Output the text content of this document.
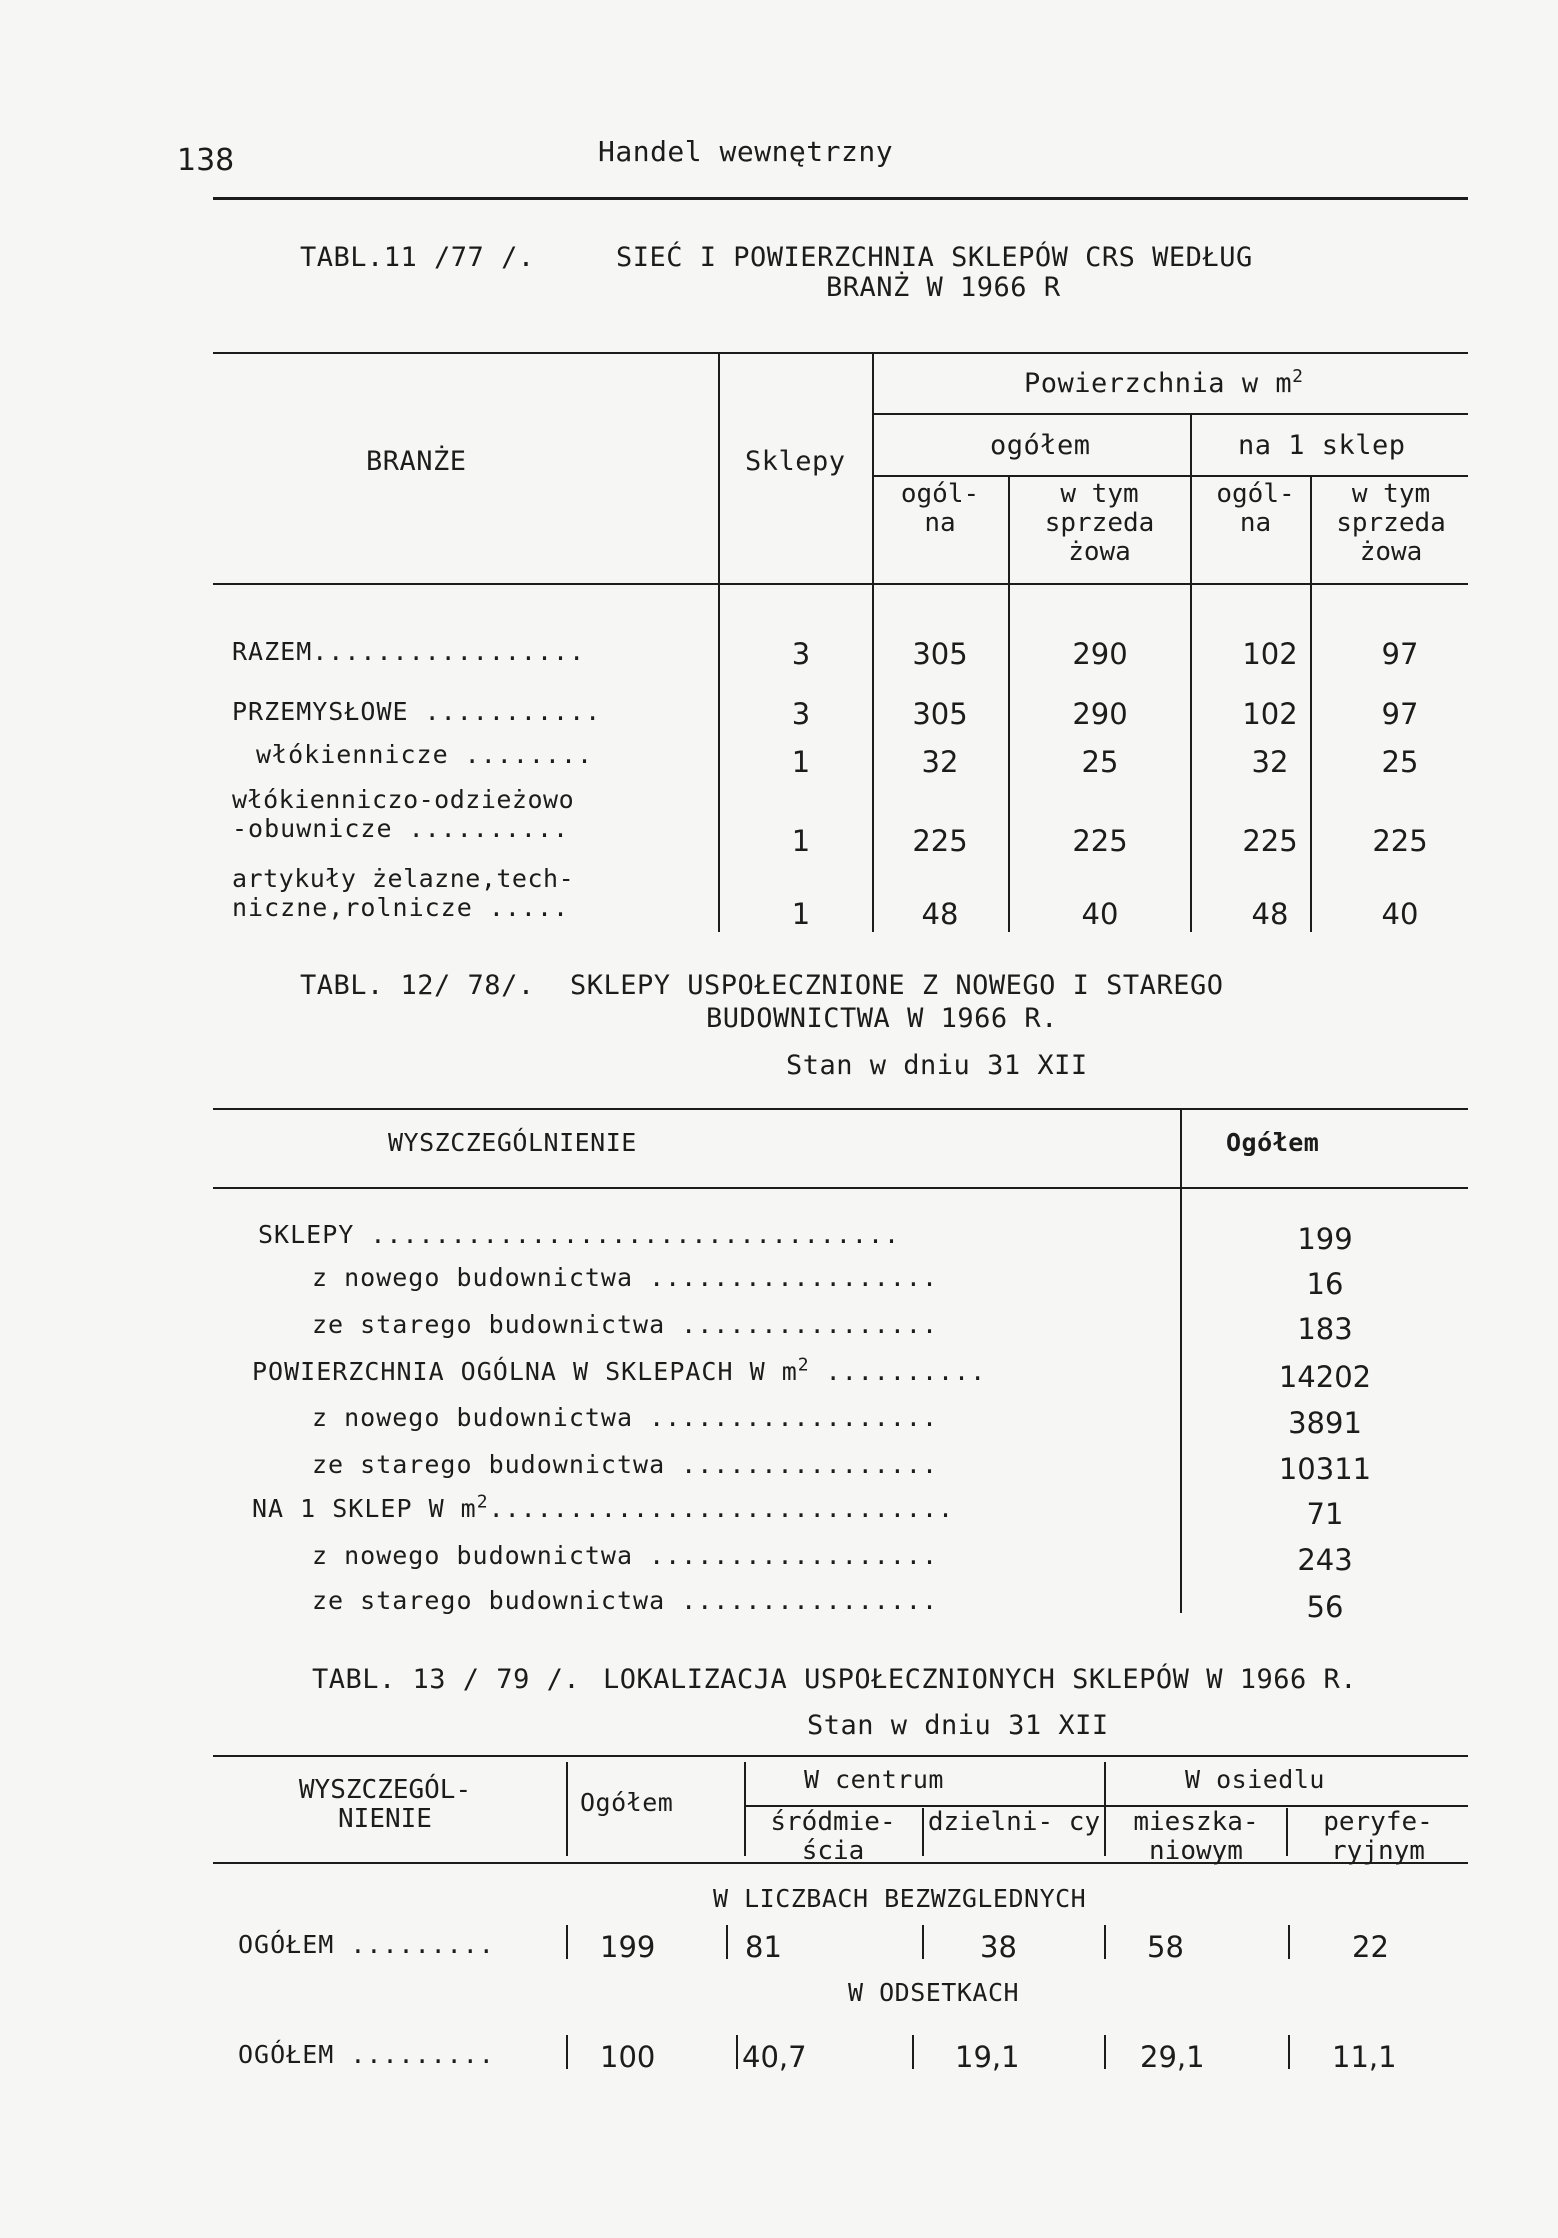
138	Handel wewnętrzny
TABL.11 /77 /.	SIEĆ I POWIERZCHNIA SKLEPÓW CRS WEDŁUG
BRANŻ W 1966 R
BRANŻE	Sklepy
Powierzchnia w $m^2$
ogółem	na 1 sklep
ogól-na
w tym sprzeda żowa
ogól-na
w tym sprzeda żowa
RAZEM.................	3	305	290	102	97
PRZEMYSŁOWE ...........	3	305	290	102	97
włókiennicze ........	1	32	25	32	25
włókienniczo-odzieżowo
-obuwnicze ..........	1	225	225	225	225
artykuły żelazne,tech-
niczne,rolnicze .....	1	48	40	48	40
TABL. 12/ 78/. SKLEPY USPOŁECZNIONE Z NOWEGO I STAREGO
BUDOWNICTWA W 1966 R.
Stan w dniu 31 XII
WYSZCZEGÓLNIENIE	Ogółem
SKLEPY .................................	199
z nowego budownictwa ..................	16
ze starego budownictwa ................	183
POWIERZCHNIA OGÓLNA W SKLEPACH W $m^2$ ..........	14202
z nowego budownictwa ..................	3891
ze starego budownictwa ................	10311
NA 1 SKLEP W $m^2$.............................	71
z nowego budownictwa ..................	243
ze starego budownictwa ................	56
TABL. 13 / 79 /. LOKALIZACJA USPOŁECZNIONYCH SKLEPÓW W 1966 R.
Stan w dniu 31 XII
WYSZCZEGÓL- NIENIE
Ogółem
W centrum	W osiedlu
śródmie- ścia
dzielni- cy	mieszka- niowym
peryfe- ryjnym
W LICZBACH BEZWZGLEDNYCH
OGÓŁEM .........	199	81	38	58	22
W ODSETKACH
OGÓŁEM .........	100	40,7	19,1	29,1	11,1
